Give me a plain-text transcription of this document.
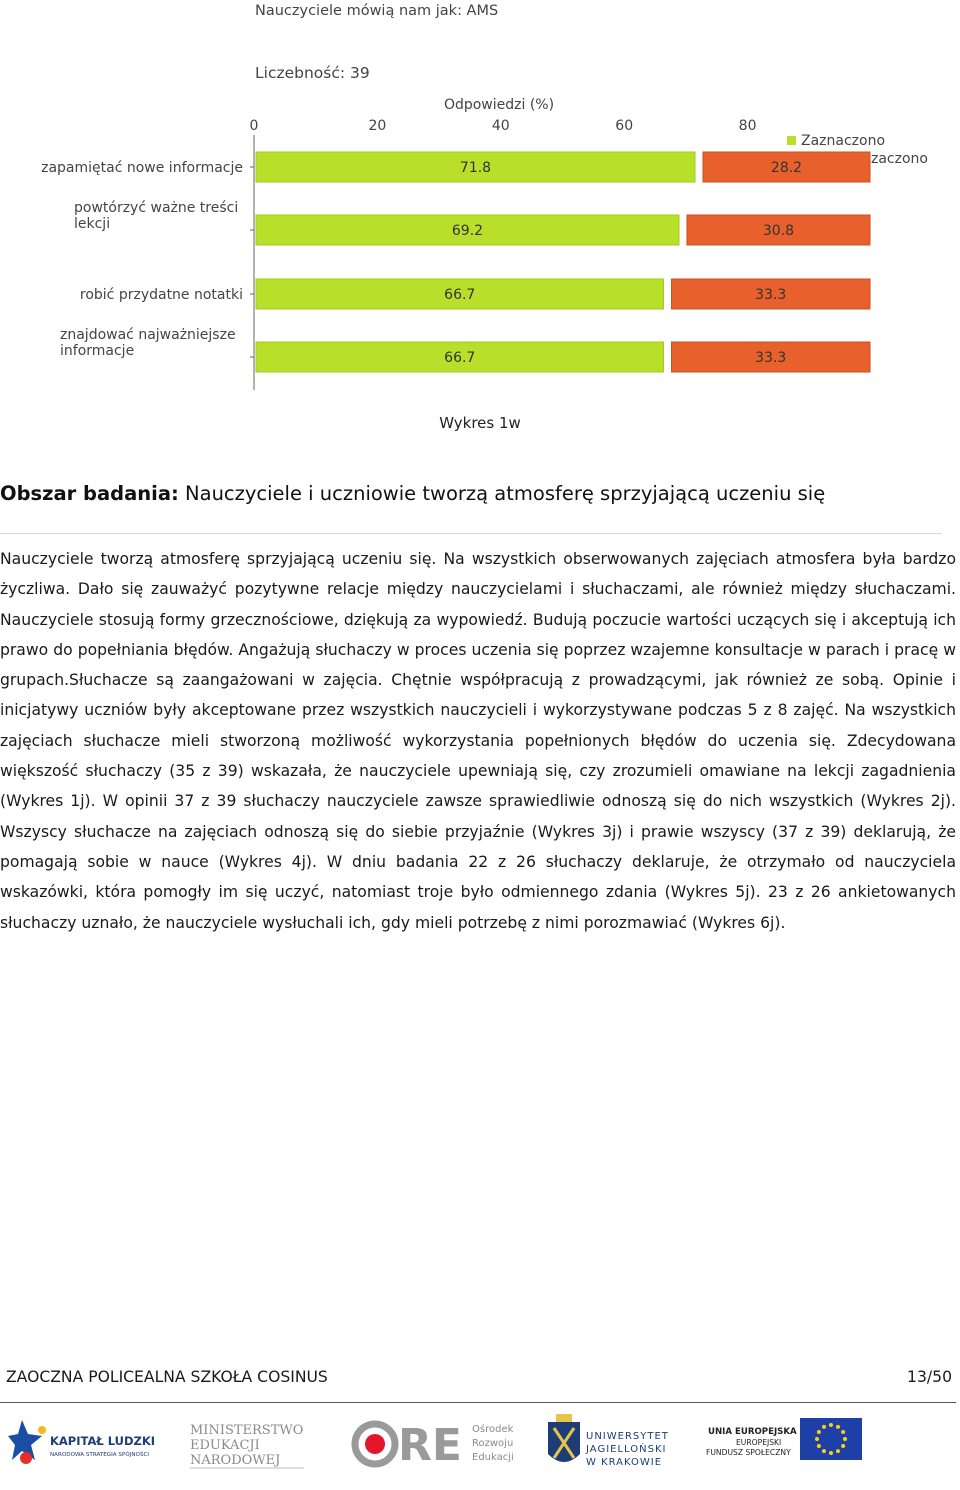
Nauczyciele mówią nam jak: AMS
Liczebność: 39
Odpowiedzi (%)
0	20	40	60	80
71.8	28.2
69.2	30.8
66.7	33.3
66.7	33.3
zapamiętać nowe informacje
powtórzyć ważne treści
lekcji
robić przydatne notatki
znajdować najważniejsze
informacje
Zaznaczono
zaczono
Wykres 1w
Obszar badania: Nauczyciele i uczniowie tworzą atmosferę sprzyjającą uczeniu się
Nauczyciele tworzą atmosferę sprzyjającą uczeniu się. Na wszystkich obserwowanych zajęciach atmosfera była bardzo życzliwa. Dało się zauważyć pozytywne relacje między nauczycielami i słuchaczami, ale również między słuchaczami. Nauczyciele stosują formy grzecznościowe, dziękują za wypowiedź. Budują poczucie wartości uczących się i akceptują ich prawo do popełniania błędów. Angażują słuchaczy w proces uczenia się poprzez wzajemne konsultacje w parach i pracę w grupach.Słuchacze są zaangażowani w zajęcia. Chętnie współpracują z prowadzącymi, jak również ze sobą. Opinie i inicjatywy uczniów były akceptowane przez wszystkich nauczycieli i wykorzystywane podczas 5 z 8 zajęć. Na wszystkich zajęciach słuchacze mieli stworzoną możliwość wykorzystania popełnionych błędów do uczenia się. Zdecydowana większość słuchaczy (35 z 39) wskazała, że nauczyciele upewniają się, czy zrozumieli omawiane na lekcji zagadnienia (Wykres 1j). W opinii 37 z 39 słuchaczy nauczyciele zawsze sprawiedliwie odnoszą się do nich wszystkich (Wykres 2j). Wszyscy słuchacze na zajęciach odnoszą się do siebie przyjaźnie (Wykres 3j) i prawie wszyscy (37 z 39) deklarują, że pomagają sobie w nauce (Wykres 4j). W dniu badania 22 z 26 słuchaczy deklaruje, że otrzymało od nauczyciela wskazówki, która pomogły im się uczyć, natomiast troje było odmiennego zdania (Wykres 5j). 23 z 26 ankietowanych słuchaczy uznało, że nauczyciele wysłuchali ich, gdy mieli potrzebę z nimi porozmawiać (Wykres 6j).
ZAOCZNA POLICEALNA SZKOŁA COSINUS	13/50
KAPITAŁ LUDZKI
NARODOWA STRATEGIA SPÓJNOŚCI
MINISTERSTWO
EDUKACJI
NARODOWEJ	RE Ośrodek
Rozwoju
Edukacji
UNIWERSYTET
JAGIELLOŃSKI
W KRAKOWIE
UNIA EUROPEJSKA
EUROPEJSKI
FUNDUSZ SPOŁECZNY
